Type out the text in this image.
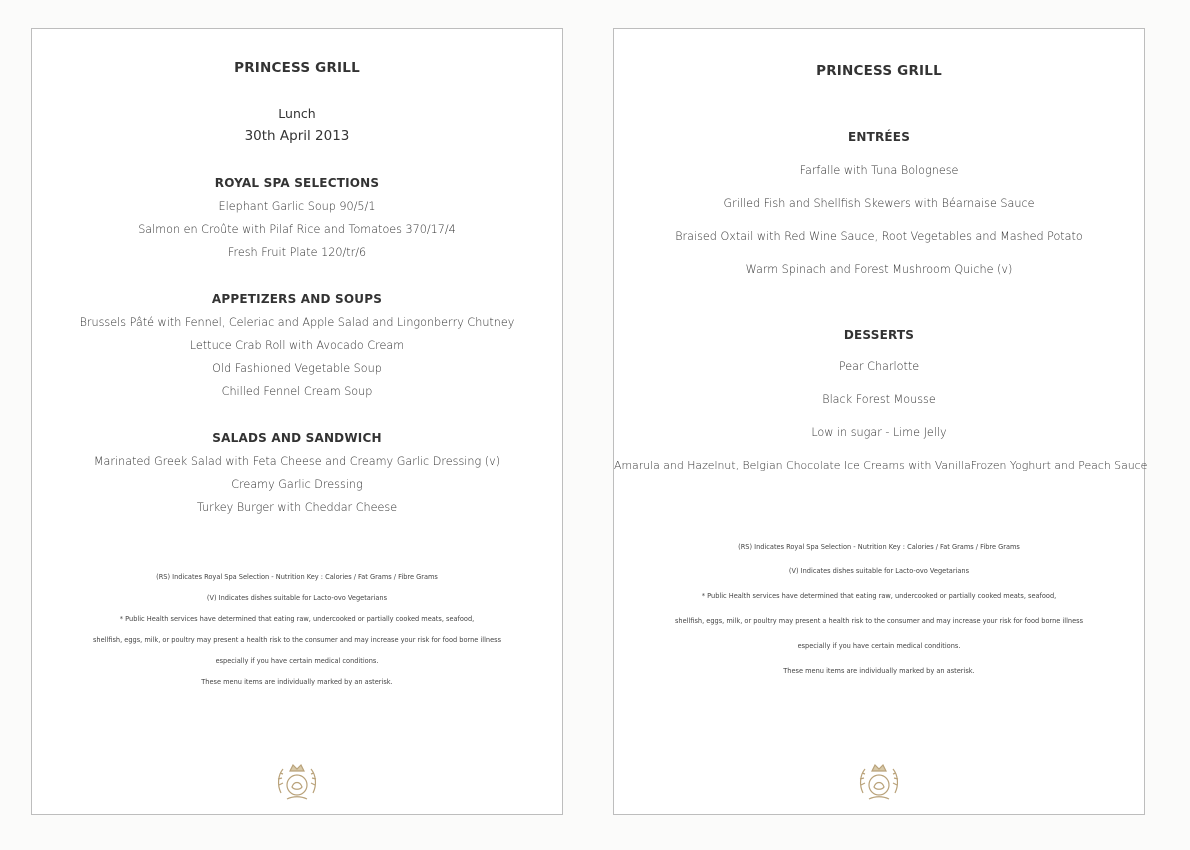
PRINCESS GRILL
Lunch
30th April 2013
ROYAL SPA SELECTIONS
Elephant Garlic Soup 90/5/1
Salmon en Croûte with Pilaf Rice and Tomatoes 370/17/4
Fresh Fruit Plate 120/tr/6
APPETIZERS AND SOUPS
Brussels Pâté with Fennel, Celeriac and Apple Salad and Lingonberry Chutney
Lettuce Crab Roll with Avocado Cream
Old Fashioned Vegetable Soup
Chilled Fennel Cream Soup
SALADS AND SANDWICH
Marinated Greek Salad with Feta Cheese and Creamy Garlic Dressing (v)
Creamy Garlic Dressing
Turkey Burger with Cheddar Cheese
(RS) Indicates Royal Spa Selection - Nutrition Key : Calories / Fat Grams / Fibre Grams
(V) Indicates dishes suitable for Lacto-ovo Vegetarians
* Public Health services have determined that eating raw, undercooked or partially cooked meats, seafood,
shellfish, eggs, milk, or poultry may present a health risk to the consumer and may increase your risk for food borne illness
especially if you have certain medical conditions.
These menu items are individually marked by an asterisk.
PRINCESS GRILL
ENTRÉES
Farfalle with Tuna Bolognese
Grilled Fish and Shellfish Skewers with Béarnaise Sauce
Braised Oxtail with Red Wine Sauce, Root Vegetables and Mashed Potato
Warm Spinach and Forest Mushroom Quiche (v)
DESSERTS
Pear Charlotte
Black Forest Mousse
Low in sugar - Lime Jelly
Amarula and Hazelnut, Belgian Chocolate Ice Creams with VanillaFrozen Yoghurt and Peach Sauce
(RS) Indicates Royal Spa Selection - Nutrition Key : Calories / Fat Grams / Fibre Grams
(V) Indicates dishes suitable for Lacto-ovo Vegetarians
* Public Health services have determined that eating raw, undercooked or partially cooked meats, seafood,
shellfish, eggs, milk, or poultry may present a health risk to the consumer and may increase your risk for food borne illness
especially if you have certain medical conditions.
These menu items are individually marked by an asterisk.
